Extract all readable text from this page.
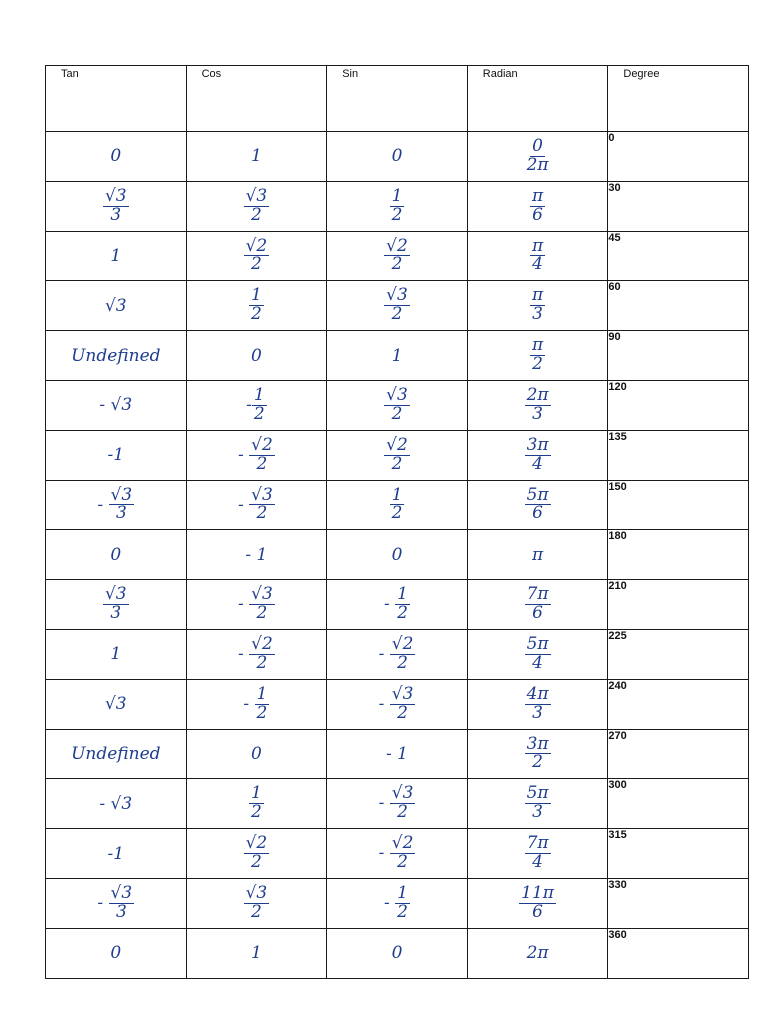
Tan	Cos	Sin	Radian	Degree
0	1	0	$\frac{0}{2\pi}$	0

$\frac{√3}{3}$	$\frac{√3}{2}$	$\frac{1}{2}$	$\frac{\pi}{6}$	30
1	$\frac{√2}{2}$	$\frac{√2}{2}$	$\frac{\pi}{4}$	45
√3	$\frac{1}{2}$	$\frac{√3}{2}$	$\frac{\pi}{3}$	60
Undefined	0	1	$\frac{\pi}{2}$	90
- √3	- $\frac{1}{2}$	$\frac{√3}{2}$	$\frac{2\pi}{3}$	120
-1	- $\frac{√2}{2}$	$\frac{√2}{2}$	$\frac{3\pi}{4}$	135
- $\frac{√3}{3}$	- $\frac{√3}{2}$	$\frac{1}{2}$	$\frac{5\pi}{6}$	150
0	- 1	0	π	180

$\frac{√3}{3}$	- $\frac{√3}{2}$	- $\frac{1}{2}$	$\frac{7\pi}{6}$	210
1	- $\frac{√2}{2}$	- $\frac{√2}{2}$	$\frac{5\pi}{4}$	225
√3	- $\frac{1}{2}$	- $\frac{√3}{2}$	$\frac{4\pi}{3}$	240
Undefined	0	- 1	$\frac{3\pi}{2}$	270
- √3	$\frac{1}{2}$	- $\frac{√3}{2}$	$\frac{5\pi}{3}$	300
-1	$\frac{√2}{2}$	- $\frac{√2}{2}$	$\frac{7\pi}{4}$	315
- $\frac{√3}{3}$	$\frac{√3}{2}$	- $\frac{1}{2}$	$\frac{11\pi}{6}$	330
0	1	0	2π	360
